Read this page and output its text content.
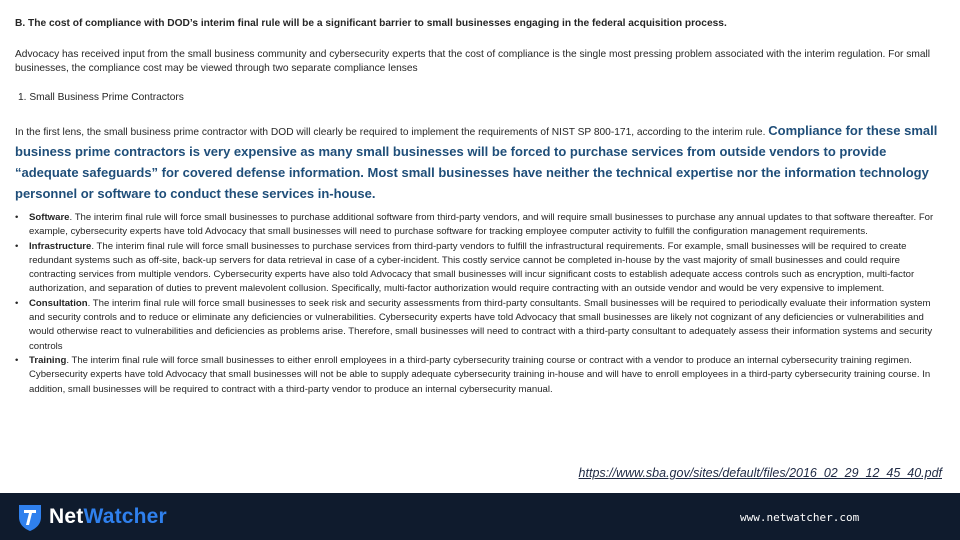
B. The cost of compliance with DOD’s interim final rule will be a significant barrier to small businesses engaging in the federal acquisition process.
Advocacy has received input from the small business community and cybersecurity experts that the cost of compliance is the single most pressing problem associated with the interim regulation. For small businesses, the compliance cost may be viewed through two separate compliance lenses
1. Small Business Prime Contractors
In the first lens, the small business prime contractor with DOD will clearly be required to implement the requirements of NIST SP 800-171, according to the interim rule. Compliance for these small business prime contractors is very expensive as many small businesses will be forced to purchase services from outside vendors to provide “adequate safeguards” for covered defense information. Most small businesses have neither the technical expertise nor the information technology personnel or software to conduct these services in-house.
• Software. The interim final rule will force small businesses to purchase additional software from third-party vendors, and will require small businesses to purchase any annual updates to that software thereafter. For example, cybersecurity experts have told Advocacy that small businesses will need to purchase software for tracking employee computer activity to fulfill the configuration management requirements.
• Infrastructure. The interim final rule will force small businesses to purchase services from third-party vendors to fulfill the infrastructural requirements. For example, small businesses will be required to create redundant systems such as off-site, back-up servers for data retrieval in case of a cyber-incident. This costly service cannot be completed in-house by the vast majority of small businesses and could require contracting services from multiple vendors. Cybersecurity experts have also told Advocacy that small businesses will incur significant costs to establish adequate access controls such as encryption, multi-factor authorization, and separation of duties to prevent malevolent collusion. Specifically, multi-factor authorization would require contracting with an outside vendor and would be very expensive to implement.
• Consultation. The interim final rule will force small businesses to seek risk and security assessments from third-party consultants. Small businesses will be required to periodically evaluate their information system and security controls and to reduce or eliminate any deficiencies or vulnerabilities. Cybersecurity experts have told Advocacy that small businesses are likely not cognizant of any deficiencies or vulnerabilities and would otherwise react to vulnerabilities and deficiencies as problems arise. Therefore, small businesses will need to contract with a third-party consultant to adequately assess their information systems and security controls
• Training. The interim final rule will force small businesses to either enroll employees in a third-party cybersecurity training course or contract with a vendor to produce an internal cybersecurity training regimen. Cybersecurity experts have told Advocacy that small businesses will not be able to supply adequate cybersecurity training in-house and will have to enroll employees in a third-party cybersecurity training course. In addition, small businesses will be required to contract with a third-party vendor to produce an internal cybersecurity manual.
https://www.sba.gov/sites/default/files/2016_02_29_12_45_40.pdf
NetWatcher	www.netwatcher.com
